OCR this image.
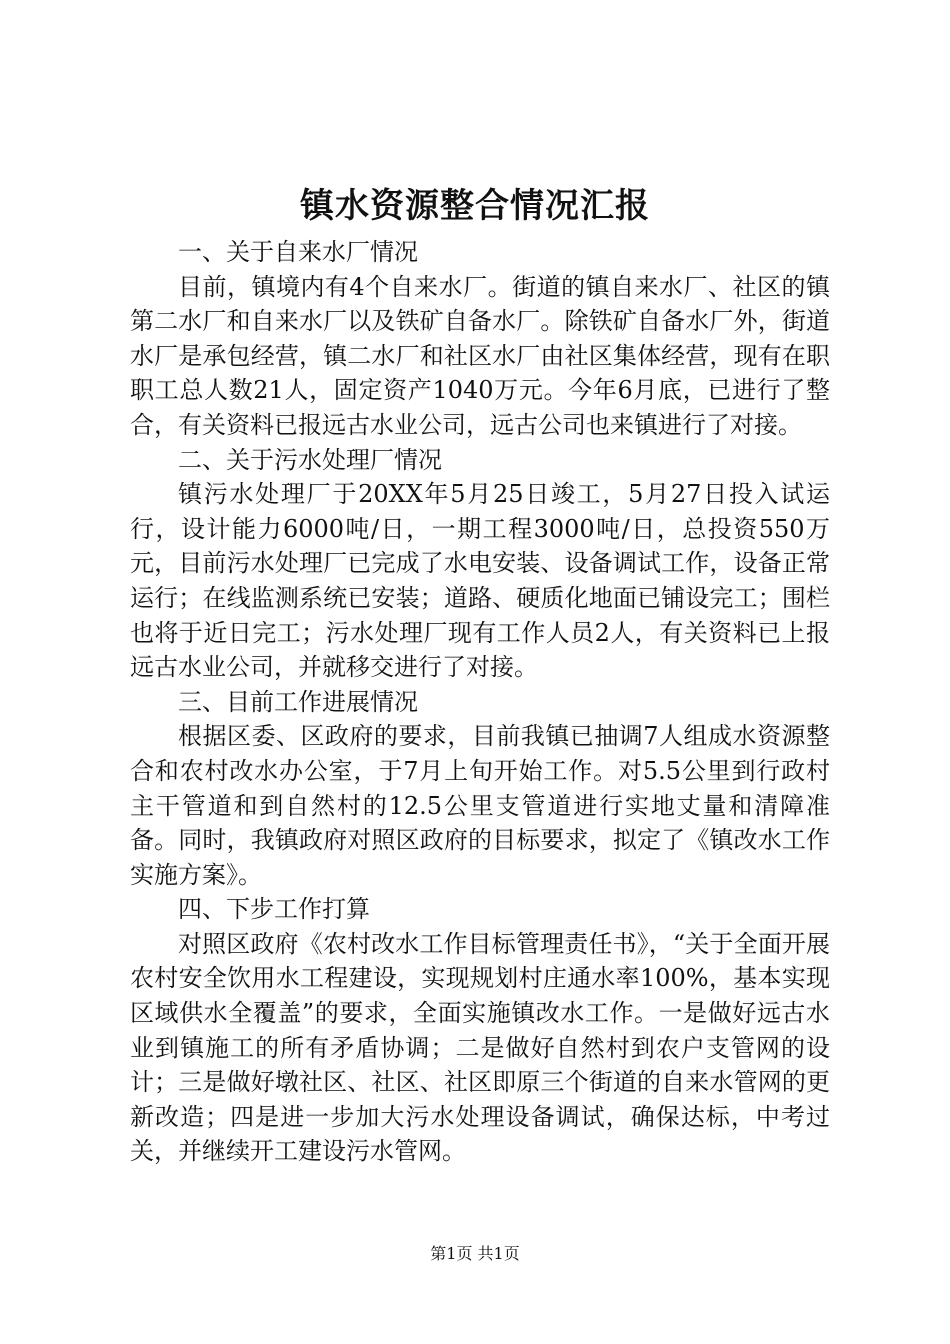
镇水资源整合情况汇报

一、关于自来水厂情况

目前，镇境内有4个自来水厂。街道的镇自来水厂、社区的镇第二水厂和自来水厂以及铁矿自备水厂。除铁矿自备水厂外，街道水厂是承包经营，镇二水厂和社区水厂由社区集体经营，现有在职职工总人数21人，固定资产1040万元。今年6月底，已进行了整合，有关资料已报远古水业公司，远古公司也来镇进行了对接。

二、关于污水处理厂情况

镇污水处理厂于20XX年5月25日竣工，5月27日投入试运行，设计能力6000吨/日，一期工程3000吨/日，总投资550万元，目前污水处理厂已完成了水电安装、设备调试工作，设备正常运行；在线监测系统已安装；道路、硬质化地面已铺设完工；围栏也将于近日完工；污水处理厂现有工作人员2人，有关资料已上报远古水业公司，并就移交进行了对接。

三、目前工作进展情况

根据区委、区政府的要求，目前我镇已抽调7人组成水资源整合和农村改水办公室，于7月上旬开始工作。对5.5公里到行政村主干管道和到自然村的12.5公里支管道进行实地丈量和清障准备。同时，我镇政府对照区政府的目标要求，拟定了《镇改水工作实施方案》。

四、下步工作打算

对照区政府《农村改水工作目标管理责任书》，“关于全面开展农村安全饮用水工程建设，实现规划村庄通水率100%，基本实现区域供水全覆盖”的要求，全面实施镇改水工作。一是做好远古水业到镇施工的所有矛盾协调；二是做好自然村到农户支管网的设计；三是做好墩社区、社区、社区即原三个街道的自来水管网的更新改造；四是进一步加大污水处理设备调试，确保达标，中考过关，并继续开工建设污水管网。

第1页 共1页
